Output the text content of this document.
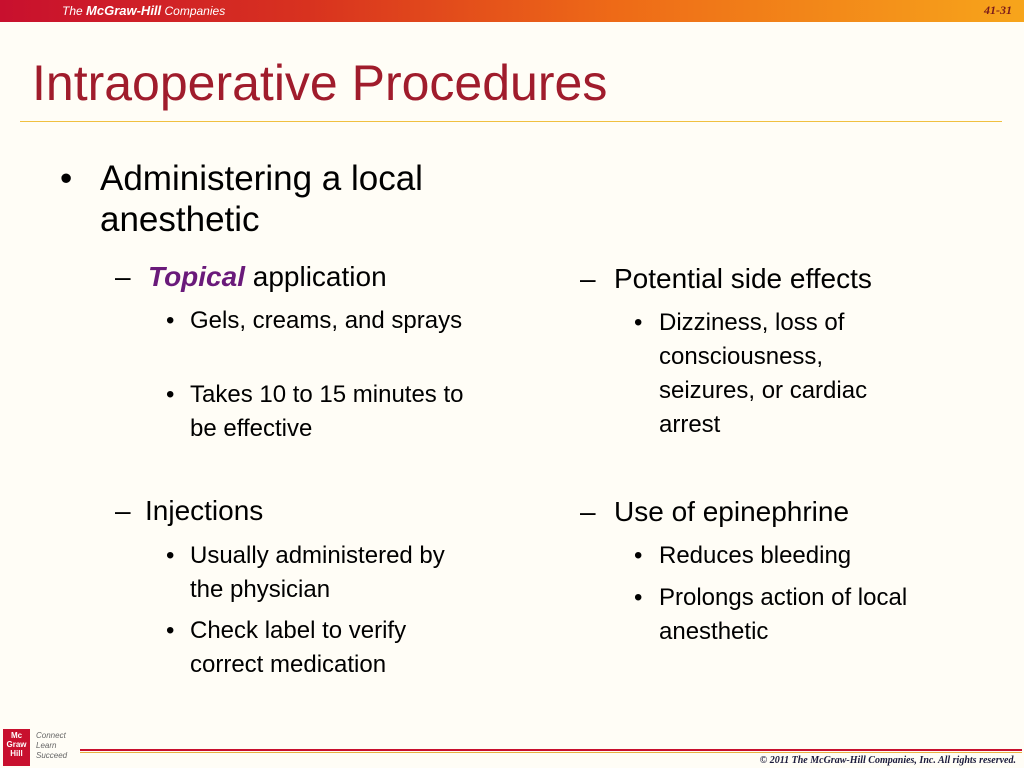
The McGraw-Hill Companies	41-31
Intraoperative Procedures
• Administering a local anesthetic
– Topical application
• Gels, creams, and sprays
• Takes 10 to 15 minutes to be effective
– Injections
• Usually administered by the physician
• Check label to verify correct medication
– Potential side effects
• Dizziness, loss of consciousness, seizures, or cardiac arrest
– Use of epinephrine
• Reduces bleeding
• Prolongs action of local anesthetic
Mc Graw Hill
Connect
Learn
Succeed	© 2011 The McGraw-Hill Companies, Inc. All rights reserved.
